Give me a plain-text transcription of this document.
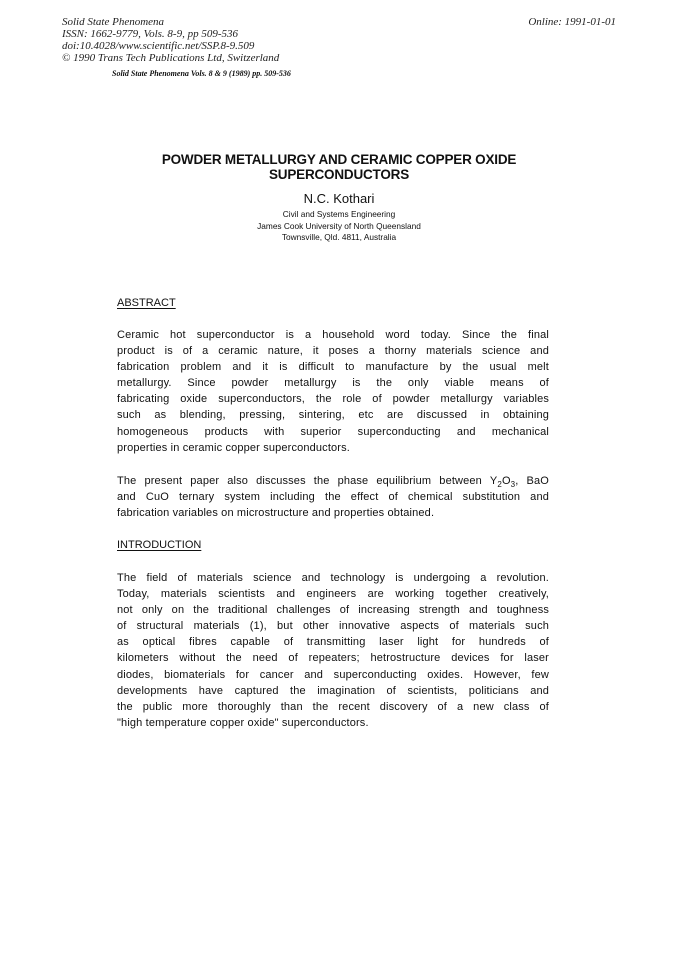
Solid State Phenomena
ISSN: 1662-9779, Vols. 8-9, pp 509-536
doi:10.4028/www.scientific.net/SSP.8-9.509
© 1990 Trans Tech Publications Ltd, Switzerland
Online: 1991-01-01
Solid State Phenomena Vols. 8 & 9 (1989) pp. 509-536
POWDER METALLURGY AND CERAMIC COPPER OXIDE
SUPERCONDUCTORS
N.C. Kothari
Civil and Systems Engineering
James Cook University of North Queensland
Townsville, Qld. 4811, Australia
ABSTRACT
Ceramic hot superconductor is a household word today. Since the final
product is of a ceramic nature, it poses a thorny materials science and
fabrication problem and it is difficult to manufacture by the usual melt
metallurgy. Since powder metallurgy is the only viable means of
fabricating oxide superconductors, the role of powder metallurgy variables
such as blending, pressing, sintering, etc are discussed in obtaining
homogeneous products with superior superconducting and mechanical
properties in ceramic copper superconductors.
The present paper also discusses the phase equilibrium between $Y_2O_3$, BaO
and CuO ternary system including the effect of chemical substitution and
fabrication variables on microstructure and properties obtained.
INTRODUCTION
The field of materials science and technology is undergoing a revolution.
Today, materials scientists and engineers are working together creatively,
not only on the traditional challenges of increasing strength and toughness
of structural materials (1), but other innovative aspects of materials such
as optical fibres capable of transmitting laser light for hundreds of
kilometers without the need of repeaters; hetrostructure devices for laser
diodes, biomaterials for cancer and superconducting oxides. However, few
developments have captured the imagination of scientists, politicians and
the public more thoroughly than the recent discovery of a new class of
"high temperature copper oxide" superconductors.
